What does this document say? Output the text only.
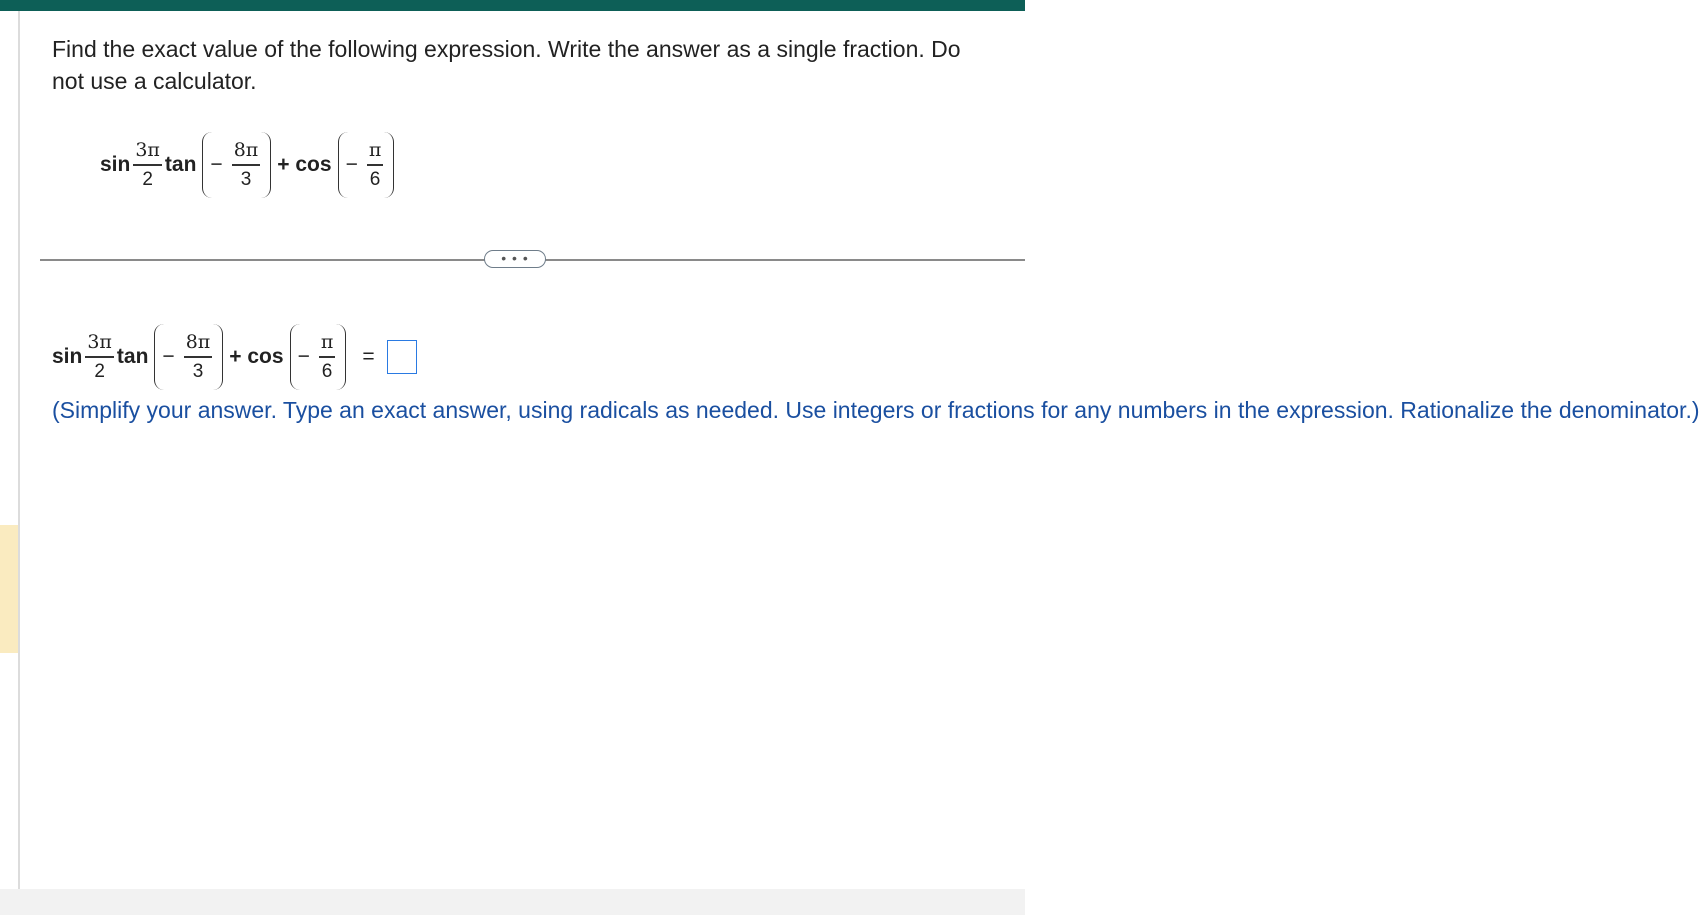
Find the exact value of the following expression. Write the answer as a single fraction. Do not use a calculator.

$\sin \frac{3\pi}{2}$ $\tan - \frac{8\pi}{3} + \cos - \frac{\pi}{6}$
• • •
$\sin \frac{3\pi}{2}$ $\tan - \frac{8\pi}{3} + \cos - \frac{\pi}{6}$ =

(Simplify your answer. Type an exact answer, using radicals as needed. Use integers or fractions for any numbers in the expression. Rationalize the denominator.)
